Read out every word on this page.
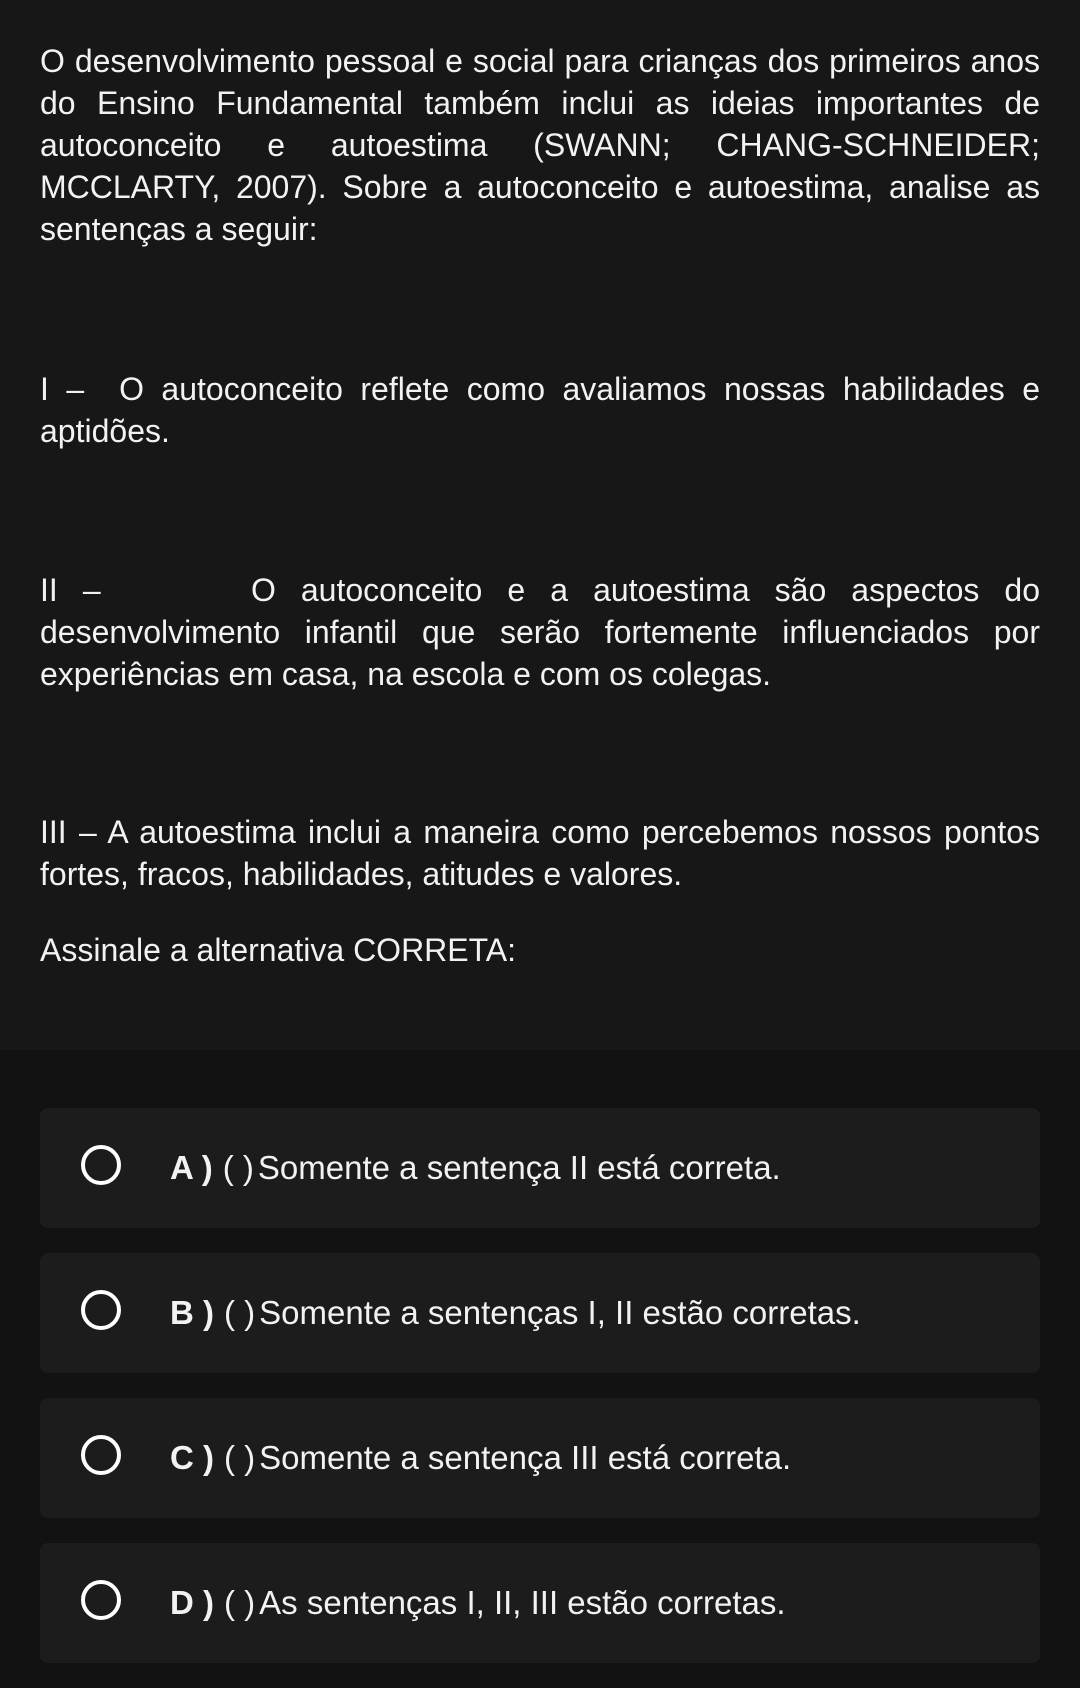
O desenvolvimento pessoal e social para crianças dos primeiros anos do Ensino Fundamental também inclui as ideias importantes de autoconceito e autoestima (SWANN; CHANG-SCHNEIDER; MCCLARTY, 2007). Sobre a autoconceito e autoestima, analise as sentenças a seguir:

I – O autoconceito reflete como avaliamos nossas habilidades e aptidões.

II –	O autoconceito e a autoestima são aspectos do desenvolvimento infantil que serão fortemente influenciados por experiências em casa, na escola e com os colegas.

III – A autoestima inclui a maneira como percebemos nossos pontos fortes, fracos, habilidades, atitudes e valores.

Assinale a alternativa CORRETA:

A ) ( ) Somente a sentença II está correta.
B ) ( ) Somente a sentenças I, II estão corretas.
C ) ( ) Somente a sentença III está correta.
D ) ( ) As sentenças I, II, III estão corretas.
